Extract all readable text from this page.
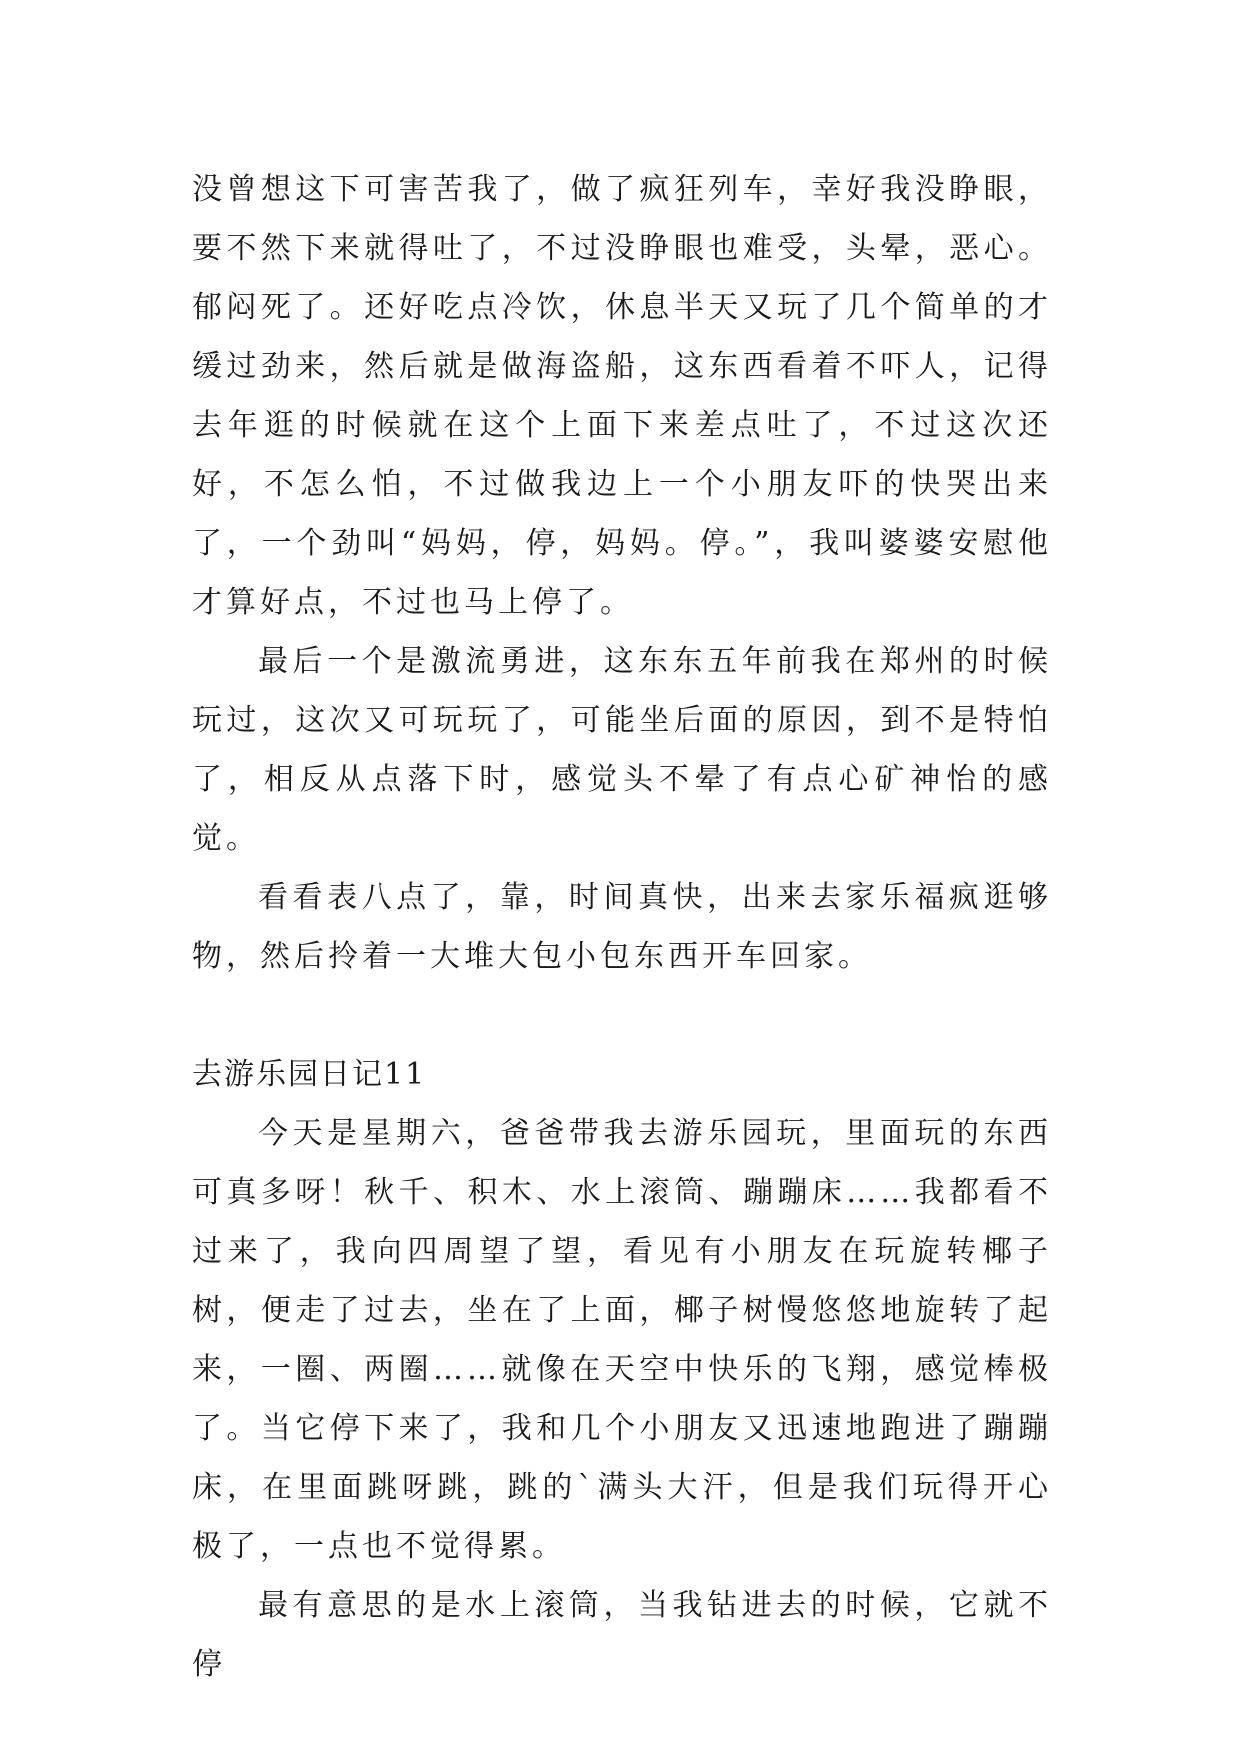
没曾想这下可害苦我了，做了疯狂列车，幸好我没睁眼，要不然下来就得吐了，不过没睁眼也难受，头晕，恶心。郁闷死了。还好吃点冷饮，休息半天又玩了几个简单的才缓过劲来，然后就是做海盗船，这东西看着不吓人，记得去年逛的时候就在这个上面下来差点吐了，不过这次还好，不怎么怕，不过做我边上一个小朋友吓的快哭出来了，一个劲叫“妈妈，停，妈妈。停。”，我叫婆婆安慰他才算好点，不过也马上停了。

最后一个是激流勇进，这东东五年前我在郑州的时候玩过，这次又可玩玩了，可能坐后面的原因，到不是特怕了，相反从点落下时，感觉头不晕了有点心矿神怡的感觉。

看看表八点了，靠，时间真快，出来去家乐福疯逛够物，然后拎着一大堆大包小包东西开车回家。

去游乐园日记11

今天是星期六，爸爸带我去游乐园玩，里面玩的东西可真多呀！秋千、积木、水上滚筒、蹦蹦床……我都看不过来了，我向四周望了望，看见有小朋友在玩旋转椰子树，便走了过去，坐在了上面，椰子树慢悠悠地旋转了起来，一圈、两圈……就像在天空中快乐的飞翔，感觉棒极了。当它停下来了，我和几个小朋友又迅速地跑进了蹦蹦床，在里面跳呀跳，跳的`满头大汗，但是我们玩得开心极了，一点也不觉得累。

最有意思的是水上滚筒，当我钻进去的时候，它就不停
